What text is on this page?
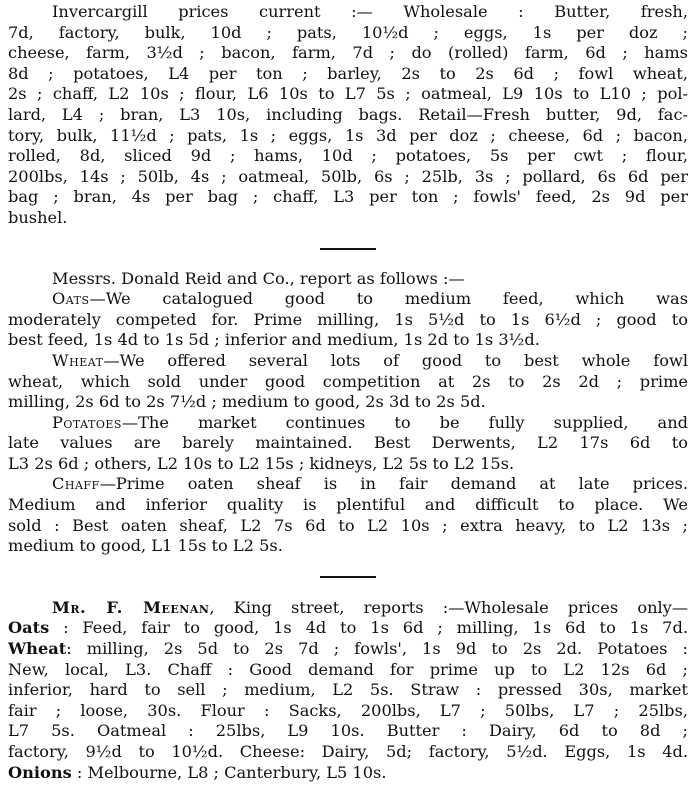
Invercargill prices current :— Wholesale : Butter, fresh,
7d, factory, bulk, 10d ; pats, 10½d ; eggs, 1s per doz ;
cheese, farm, 3½d ; bacon, farm, 7d ; do (rolled) farm, 6d ; hams
8d ; potatoes, L4 per ton ; barley, 2s to 2s 6d ; fowl wheat,
2s ; chaff, L2 10s ; flour, L6 10s to L7 5s ; oatmeal, L9 10s to L10 ; pol-
lard, L4 ; bran, L3 10s, including bags. Retail—Fresh butter, 9d, fac-
tory, bulk, 11½d ; pats, 1s ; eggs, 1s 3d per doz ; cheese, 6d ; bacon,
rolled, 8d, sliced 9d ; hams, 10d ; potatoes, 5s per cwt ; flour,
200lbs, 14s ; 50lb, 4s ; oatmeal, 50lb, 6s ; 25lb, 3s ; pollard, 6s 6d per
bag ; bran, 4s per bag ; chaff, L3 per ton ; fowls' feed, 2s 9d per
bushel.
Messrs. Donald Reid and Co., report as follows :—
Oats—We catalogued good to medium feed, which was
moderately competed for. Prime milling, 1s 5½d to 1s 6½d ; good to
best feed, 1s 4d to 1s 5d ; inferior and medium, 1s 2d to 1s 3½d.
Wheat—We offered several lots of good to best whole fowl
wheat, which sold under good competition at 2s to 2s 2d ; prime
milling, 2s 6d to 2s 7½d ; medium to good, 2s 3d to 2s 5d.
Potatoes—The market continues to be fully supplied, and
late values are barely maintained. Best Derwents, L2 17s 6d to
L3 2s 6d ; others, L2 10s to L2 15s ; kidneys, L2 5s to L2 15s.
Chaff—Prime oaten sheaf is in fair demand at late prices.
Medium and inferior quality is plentiful and difficult to place. We
sold : Best oaten sheaf, L2 7s 6d to L2 10s ; extra heavy, to L2 13s ;
medium to good, L1 15s to L2 5s.
Mr. F. Meenan, King street, reports :—Wholesale prices only—
Oats : Feed, fair to good, 1s 4d to 1s 6d ; milling, 1s 6d to 1s 7d.
Wheat: milling, 2s 5d to 2s 7d ; fowls', 1s 9d to 2s 2d. Potatoes :
New, local, L3. Chaff : Good demand for prime up to L2 12s 6d ;
inferior, hard to sell ; medium, L2 5s. Straw : pressed 30s, market
fair ; loose, 30s. Flour : Sacks, 200lbs, L7 ; 50lbs, L7 ; 25lbs,
L7 5s. Oatmeal : 25lbs, L9 10s. Butter : Dairy, 6d to 8d ;
factory, 9½d to 10½d. Cheese: Dairy, 5d; factory, 5½d. Eggs, 1s 4d.
Onions : Melbourne, L8 ; Canterbury, L5 10s.
